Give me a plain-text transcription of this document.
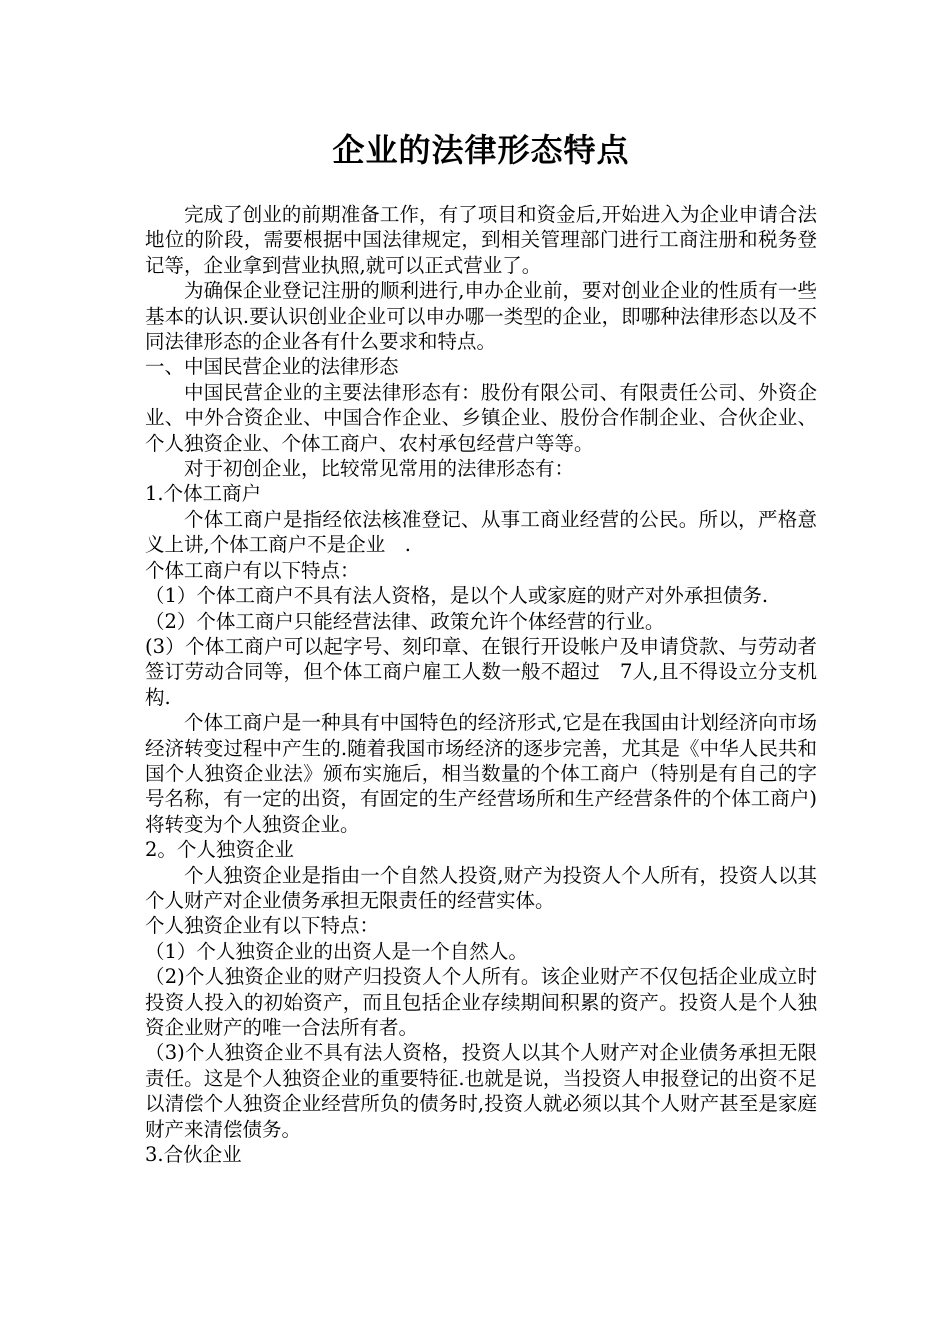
企业的法律形态特点

完成了创业的前期准备工作，有了项目和资金后,开始进入为企业申请合法地位的阶段，需要根据中国法律规定，到相关管理部门进行工商注册和税务登记等，企业拿到营业执照,就可以正式营业了。

为确保企业登记注册的顺利进行,申办企业前，要对创业企业的性质有一些基本的认识.要认识创业企业可以申办哪一类型的企业，即哪种法律形态以及不同法律形态的企业各有什么要求和特点。

一、中国民营企业的法律形态

中国民营企业的主要法律形态有：股份有限公司、有限责任公司、外资企业、中外合资企业、中国合作企业、乡镇企业、股份合作制企业、合伙企业、个人独资企业、个体工商户、农村承包经营户等等。

对于初创企业，比较常见常用的法律形态有：

1.个体工商户

个体工商户是指经依法核准登记、从事工商业经营的公民。所以，严格意义上讲,个体工商户不是企业　.

个体工商户有以下特点：

（1）个体工商户不具有法人资格，是以个人或家庭的财产对外承担债务.

（2）个体工商户只能经营法律、政策允许个体经营的行业。

(3）个体工商户可以起字号、刻印章、在银行开设帐户及申请贷款、与劳动者签订劳动合同等，但个体工商户雇工人数一般不超过　7人,且不得设立分支机构.

个体工商户是一种具有中国特色的经济形式,它是在我国由计划经济向市场经济转变过程中产生的.随着我国市场经济的逐步完善，尤其是《中华人民共和国个人独资企业法》颁布实施后，相当数量的个体工商户（特别是有自己的字号名称，有一定的出资，有固定的生产经营场所和生产经营条件的个体工商户)将转变为个人独资企业。

2。个人独资企业

个人独资企业是指由一个自然人投资,财产为投资人个人所有，投资人以其个人财产对企业债务承担无限责任的经营实体。

个人独资企业有以下特点：

（1）个人独资企业的出资人是一个自然人。

（2)个人独资企业的财产归投资人个人所有。该企业财产不仅包括企业成立时投资人投入的初始资产，而且包括企业存续期间积累的资产。投资人是个人独资企业财产的唯一合法所有者。

（3)个人独资企业不具有法人资格，投资人以其个人财产对企业债务承担无限责任。这是个人独资企业的重要特征.也就是说，当投资人申报登记的出资不足以清偿个人独资企业经营所负的债务时,投资人就必须以其个人财产甚至是家庭财产来清偿债务。

3.合伙企业
